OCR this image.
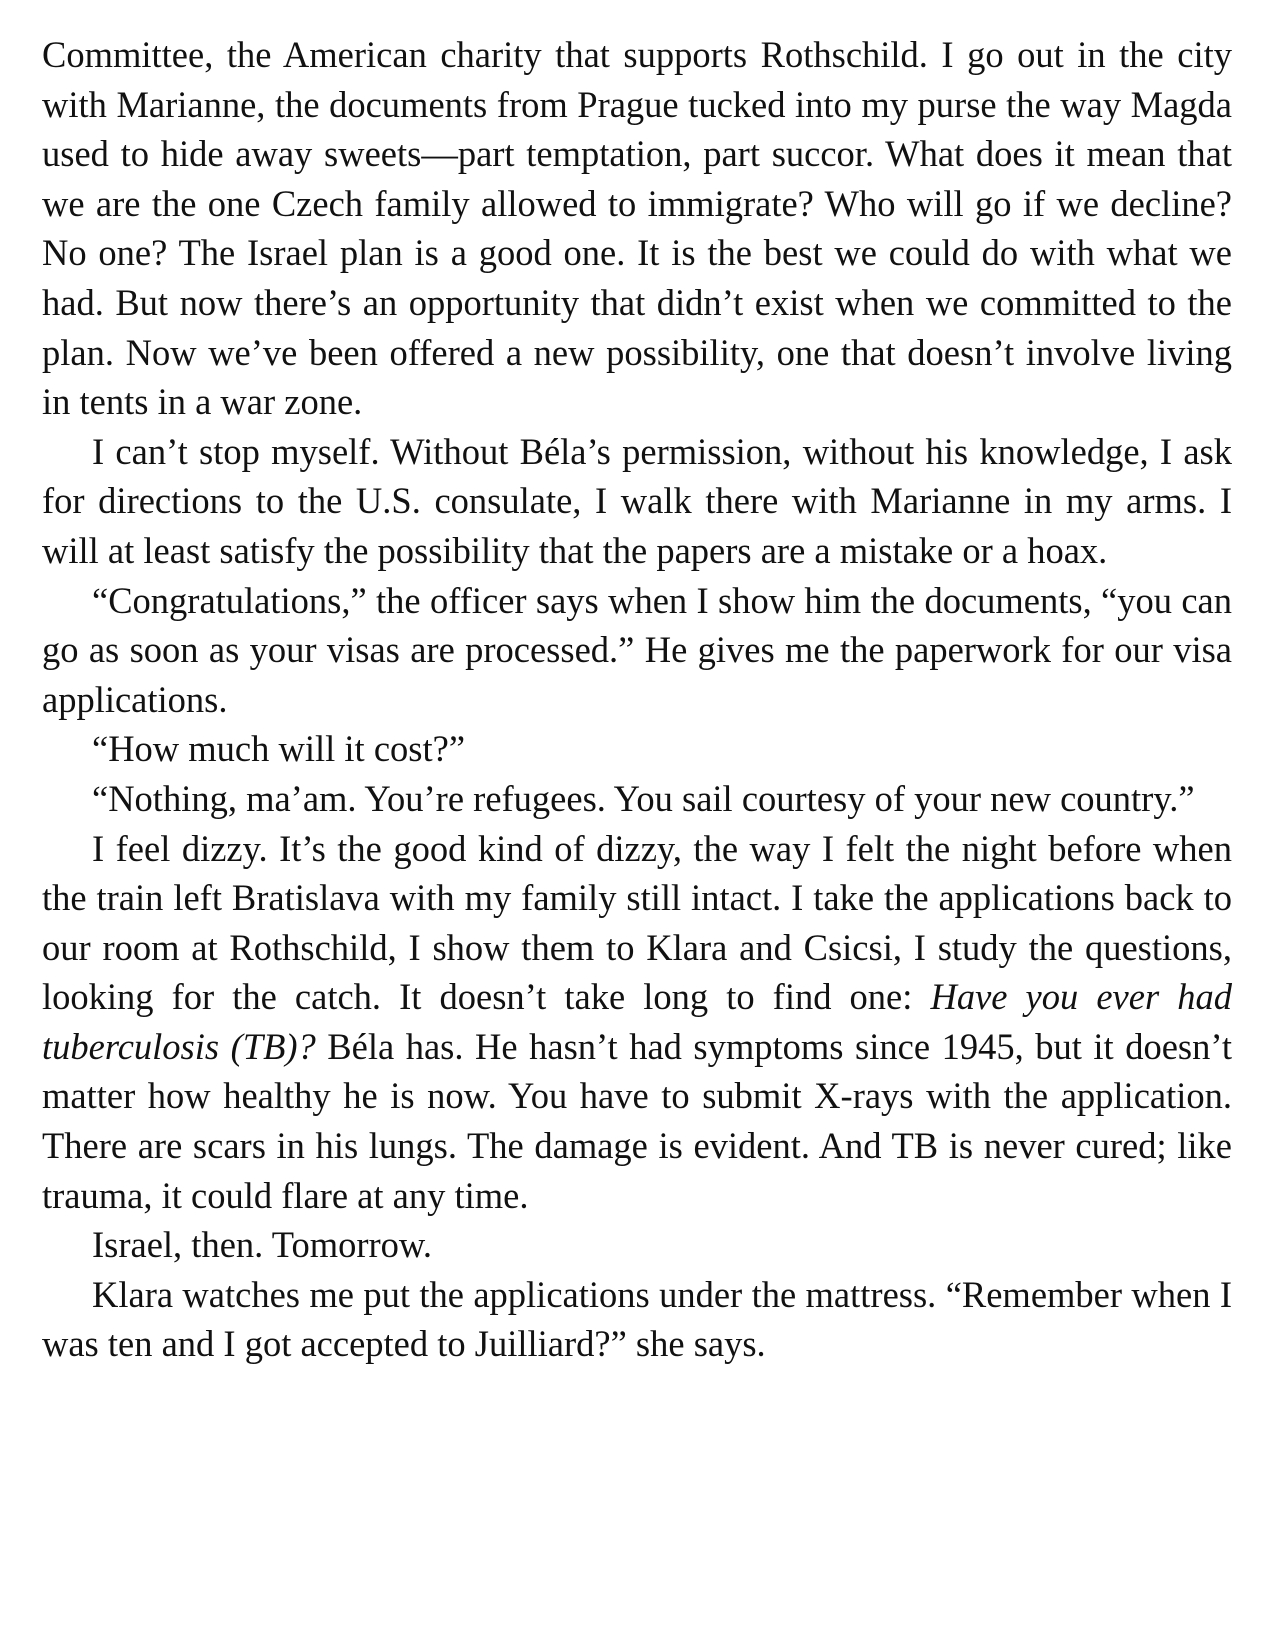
Committee, the American charity that supports Rothschild. I go out in the city with Marianne, the documents from Prague tucked into my purse the way Magda used to hide away sweets—part temptation, part succor. What does it mean that we are the one Czech family allowed to immigrate? Who will go if we decline? No one? The Israel plan is a good one. It is the best we could do with what we had. But now there’s an opportunity that didn’t exist when we committed to the plan. Now we’ve been offered a new possibility, one that doesn’t involve living in tents in a war zone.

I can’t stop myself. Without Béla’s permission, without his knowledge, I ask for directions to the U.S. consulate, I walk there with Marianne in my arms. I will at least satisfy the possibility that the papers are a mistake or a hoax.

“Congratulations,” the officer says when I show him the documents, “you can go as soon as your visas are processed.” He gives me the paperwork for our visa applications.

“How much will it cost?”

“Nothing, ma’am. You’re refugees. You sail courtesy of your new country.”

I feel dizzy. It’s the good kind of dizzy, the way I felt the night before when the train left Bratislava with my family still intact. I take the applications back to our room at Rothschild, I show them to Klara and Csicsi, I study the questions, looking for the catch. It doesn’t take long to find one: Have you ever had tuberculosis (TB)? Béla has. He hasn’t had symptoms since 1945, but it doesn’t matter how healthy he is now. You have to submit X-rays with the application. There are scars in his lungs. The damage is evident. And TB is never cured; like trauma, it could flare at any time.

Israel, then. Tomorrow.

Klara watches me put the applications under the mattress. “Remember when I was ten and I got accepted to Juilliard?” she says.
